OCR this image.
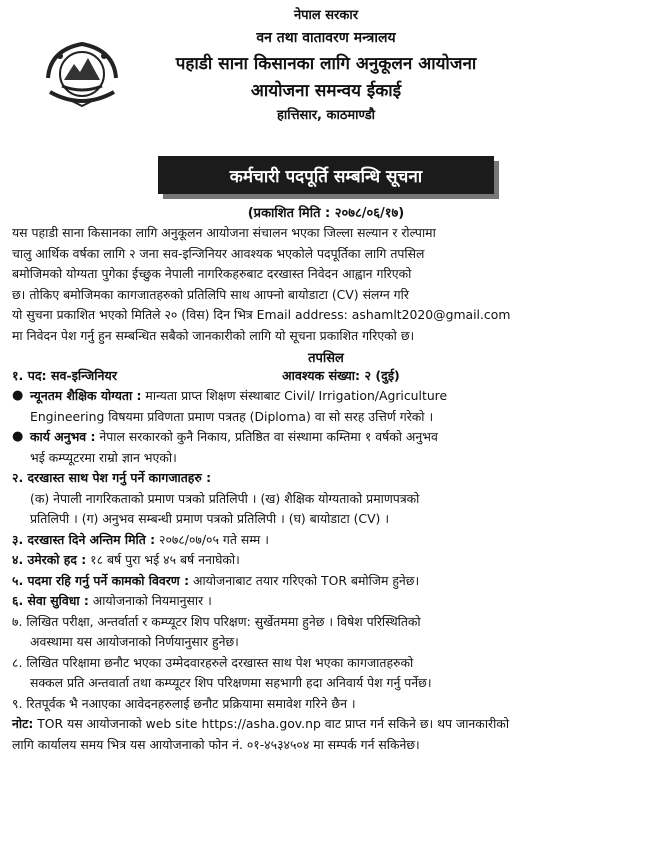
नेपाल सरकार
वन तथा वातावरण मन्त्रालय
पहाडी साना किसानका लागि अनुकूलन आयोजना
आयोजना समन्वय ईकाई
हात्तिसार, काठमाण्डौ
कर्मचारी पदपूर्ति सम्बन्धि सूचना
(प्रकाशित मिति : २०७८/०६/१७)

यस पहाडी साना किसानका लागि अनुकूलन आयोजना संचालन भएका जिल्ला सल्यान र रोल्पामा

चालु आर्थिक वर्षका लागि २ जना सव-इन्जिनियर आवश्यक भएकोले पदपूर्तिका लागि तपसिल

बमोजिमको योग्यता पुगेका ईच्छुक नेपाली नागरिकहरुबाट दरखास्त निवेदन आह्वान गरिएको

छ। तोकिए बमोजिमका कागजातहरुको प्रतिलिपि साथ आफ्नो बायोडाटा (CV) संलग्न गरि

यो सुचना प्रकाशित भएको मितिले २० (विस) दिन भित्र Email address: ashamlt2020@gmail.com

मा निवेदन पेश गर्नु हुन सम्बन्धित सबैको जानकारीको लागि यो सूचना प्रकाशित गरिएको छ।

तपसिल
१. पद: सव-इन्जिनियर	आवश्यक संख्या: २ (दुई)
● न्यूनतम शैक्षिक योग्यता : मान्यता प्राप्त शिक्षण संस्थाबाट Civil/ Irrigation/Agriculture
Engineering विषयमा प्रविणता प्रमाण पत्रतह (Diploma) वा सो सरह उत्तिर्ण गरेको ।
● कार्य अनुभव : नेपाल सरकारको कुनै निकाय, प्रतिष्ठित वा संस्थामा कम्तिमा १ वर्षको अनुभव
भई कम्प्यूटरमा राम्रो ज्ञान भएको।
२. दरखास्त साथ पेश गर्नु पर्ने कागजातहरु :
(क) नेपाली नागरिकताको प्रमाण पत्रको प्रतिलिपी । (ख) शैक्षिक योग्यताको प्रमाणपत्रको
प्रतिलिपी । (ग) अनुभव सम्बन्धी प्रमाण पत्रको प्रतिलिपी । (घ) बायोडाटा (CV) ।
३. दरखास्त दिने अन्तिम मिति : २०७८/०७/०५ गते सम्म ।
४. उमेरको हद : १८ बर्ष पुरा भई ४५ बर्ष ननाघेको।
५. पदमा रहि गर्नु पर्ने कामको विवरण : आयोजनाबाट तयार गरिएको TOR बमोजिम हुनेछ।
६. सेवा सुविधा : आयोजनाको नियमानुसार ।
७. लिखित परीक्षा, अन्तर्वार्ता र कम्प्यूटर शिप परिक्षण: सुर्खेतममा हुनेछ । विषेश परिस्थितिको
अवस्थामा यस आयोजनाको निर्णयानुसार हुनेछ।
८. लिखित परिक्षामा छनौट भएका उम्मेदवारहरुले दरखास्त साथ पेश भएका कागजातहरुको
सक्कल प्रति अन्तवार्ता तथा कम्प्यूटर शिप परिक्षणमा सहभागी हदा अनिवार्य पेश गर्नु पर्नेछ।
९. रितपूर्वक भै नआएका आवेदनहरुलाई छनौट प्रक्रियामा समावेश गरिने छैन ।
नोट: TOR यस आयोजनाको web site https://asha.gov.np वाट प्राप्त गर्न सकिने छ। थप जानकारीको
लागि कार्यालय समय भित्र यस आयोजनाको फोन नं. ०१-४५३४५०४ मा सम्पर्क गर्न सकिनेछ।
